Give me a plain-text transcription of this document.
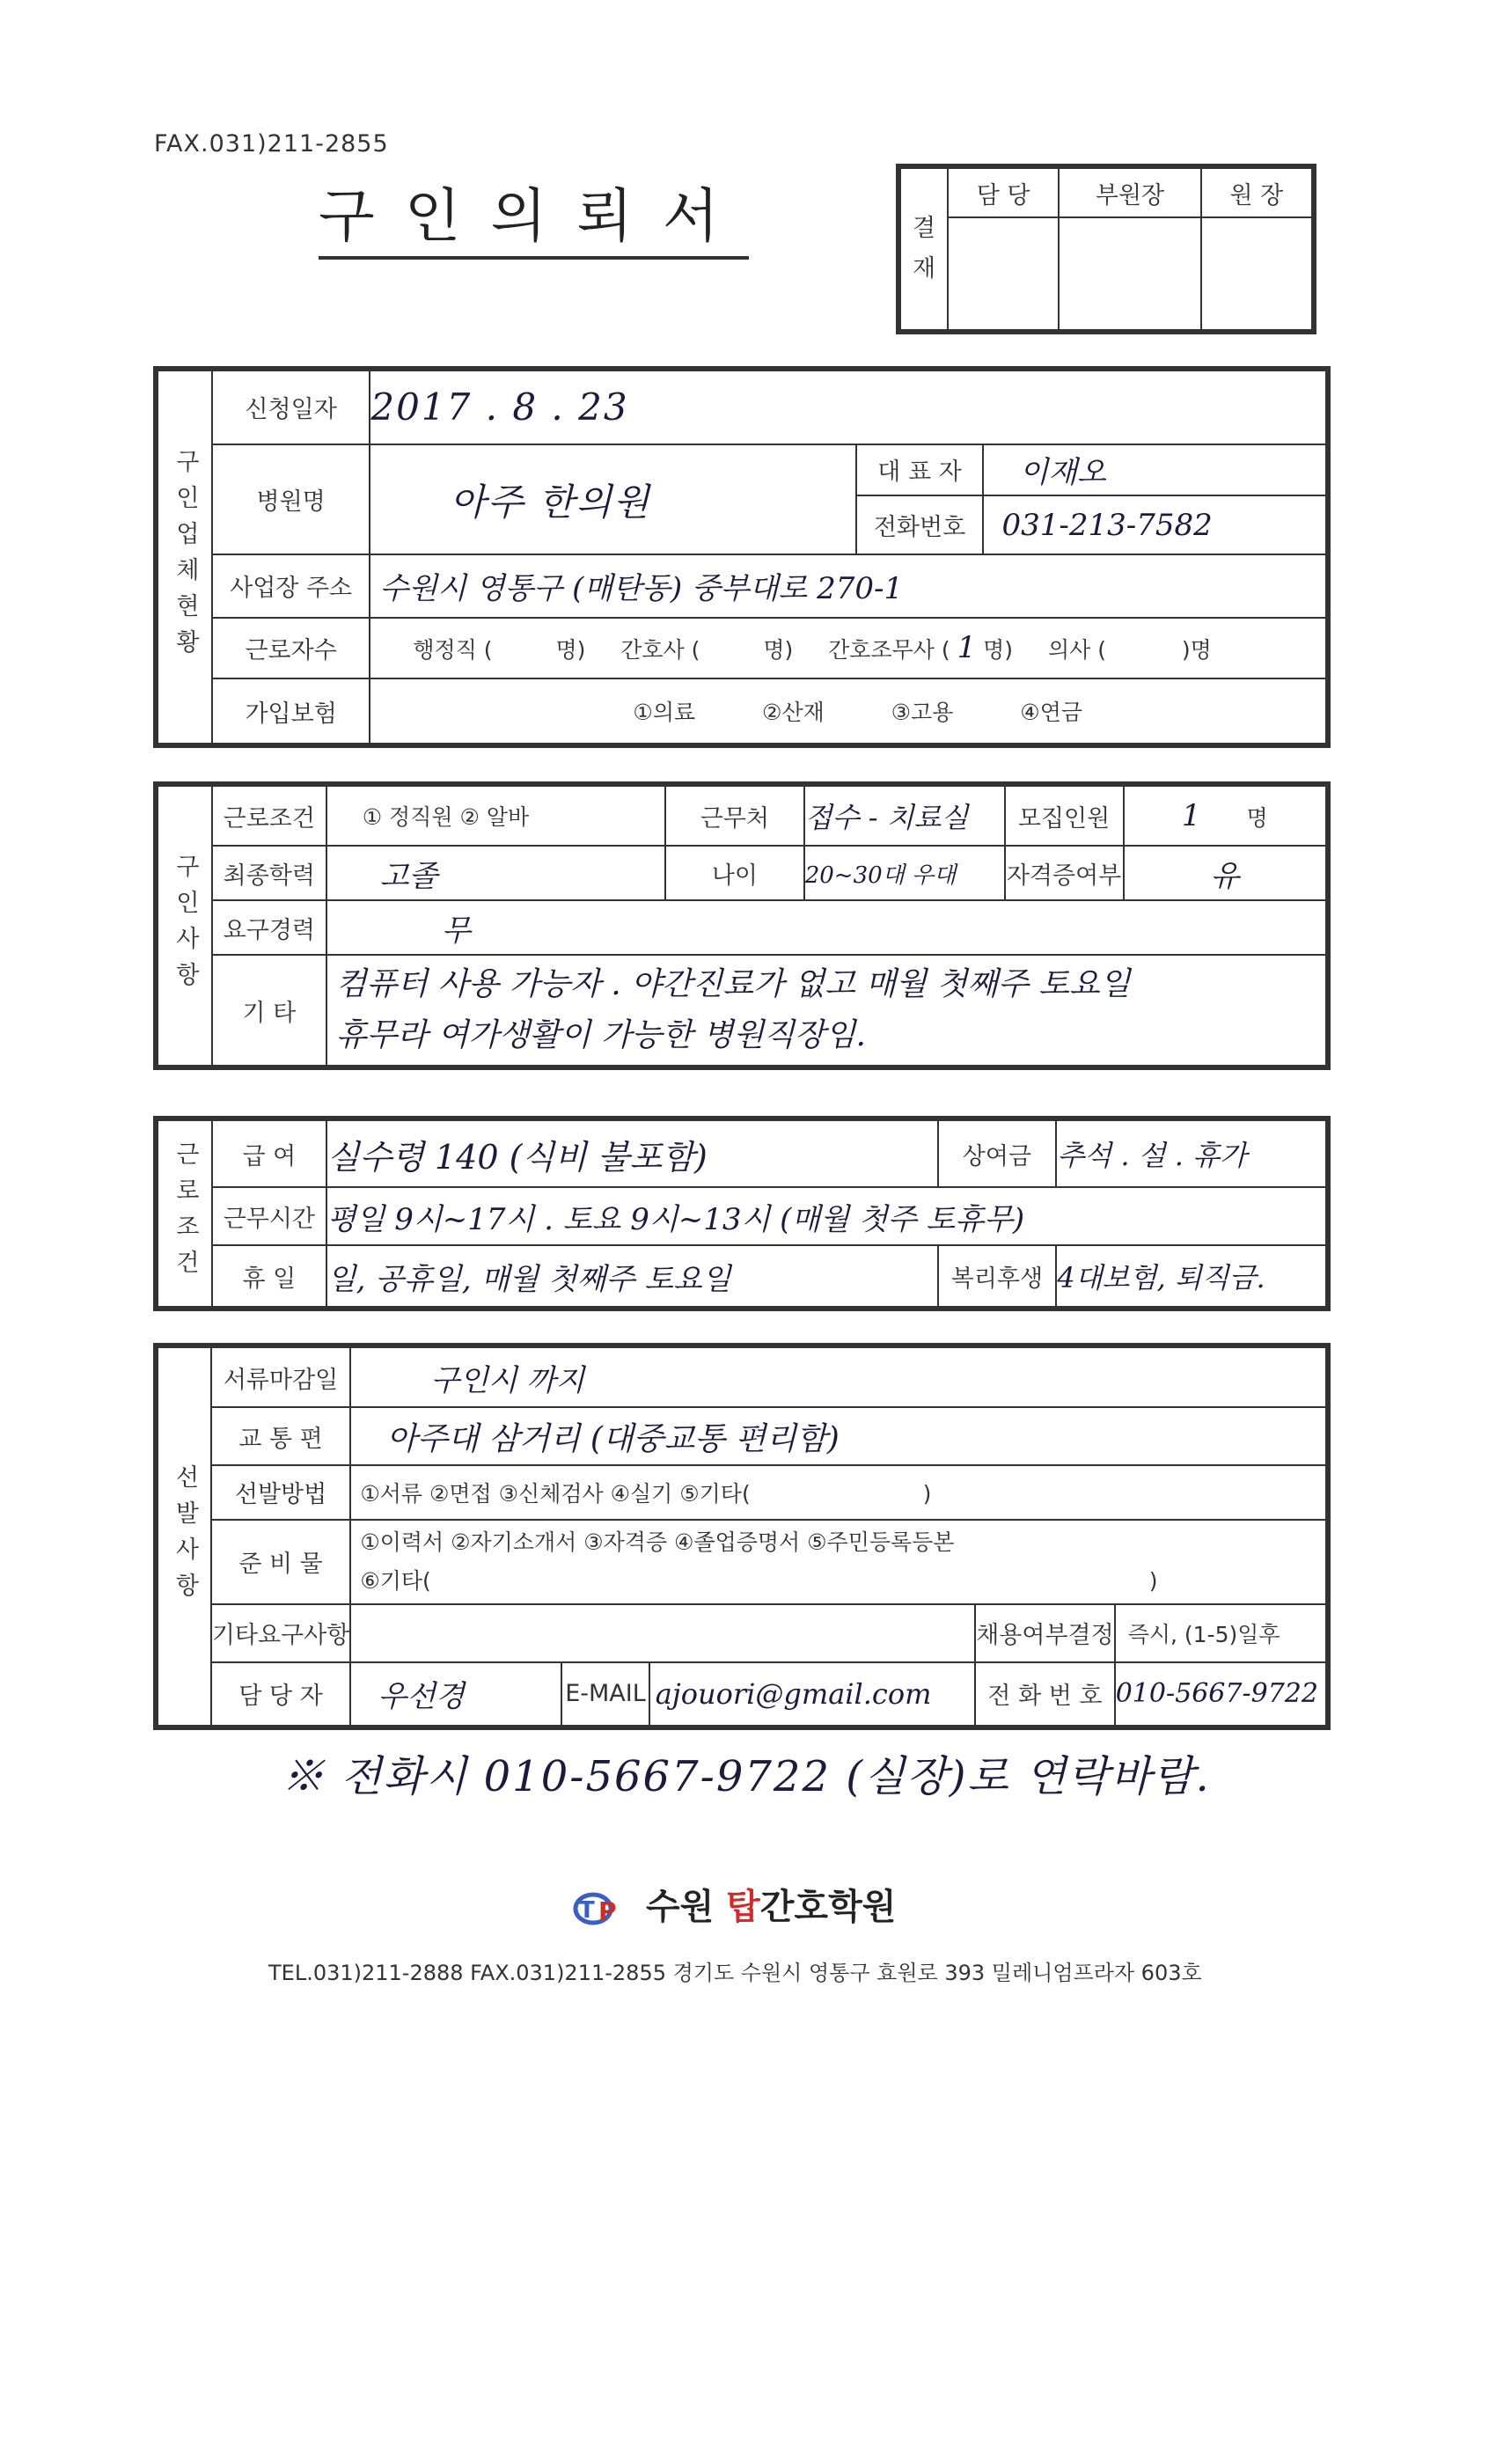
FAX.031)211-2855
구인의뢰서	결재	담 당	부원장	원 장

구인업체현황	신청일자	2017 . 8 . 23		
	병원명	아주 한의원	대 표 자	이재오
			전화번호	031-213-7582
	사업장 주소	수원시 영통구 (매탄동) 중부대로 270-1		
	근로자수	행정직 ( 명) 간호사 ( 명) 간호조무사 ( 1 명) 의사 ( )명		
	가입보험	①의료 ②산재 ③고용 ④연금		
구인사항	근로조건	① 정직원 ② 알바	근무처	접수 - 치료실	모집인원	1 명
	최종학력	고졸	나이	20~30대 우대	자격증여부	유
	요구경력	무				
	기 타	컴퓨터 사용 가능자 . 야간진료가 없고 매월 첫째주 토요일
휴무라 여가생활이 가능한 병원직장임.				
근로조건	급 여	실수령 140 (식비 불포함)	상여금	추석 . 설 . 휴가
	근무시간	평일 9시~17시 . 토요 9시~13시 (매월 첫주 토휴무)		
	휴 일	일, 공휴일, 매월 첫째주 토요일	복리후생	4대보험, 퇴직금.
선발사항	서류마감일	구인시 까지				
	교 통 편	아주대 삼거리 (대중교통 편리함)				
	선발방법	①서류 ②면접 ③신체검사 ④실기 ⑤기타( )				
	준 비 물	①이력서 ②자기소개서 ③자격증 ④졸업증명서 ⑤주민등록등본
⑥기타( )				

	기타요구사항				채용여부결정	즉시, (1-5)일후
	담 당 자	우선경	E-MAIL	ajouori@gmail.com	전 화 번 호	010-5667-9722
※ 전화시 010-5667-9722 (실장)로 연락바람.
T P 수원 탑간호학원
TEL.031)211-2888 FAX.031)211-2855 경기도 수원시 영통구 효원로 393 밀레니엄프라자 603호
